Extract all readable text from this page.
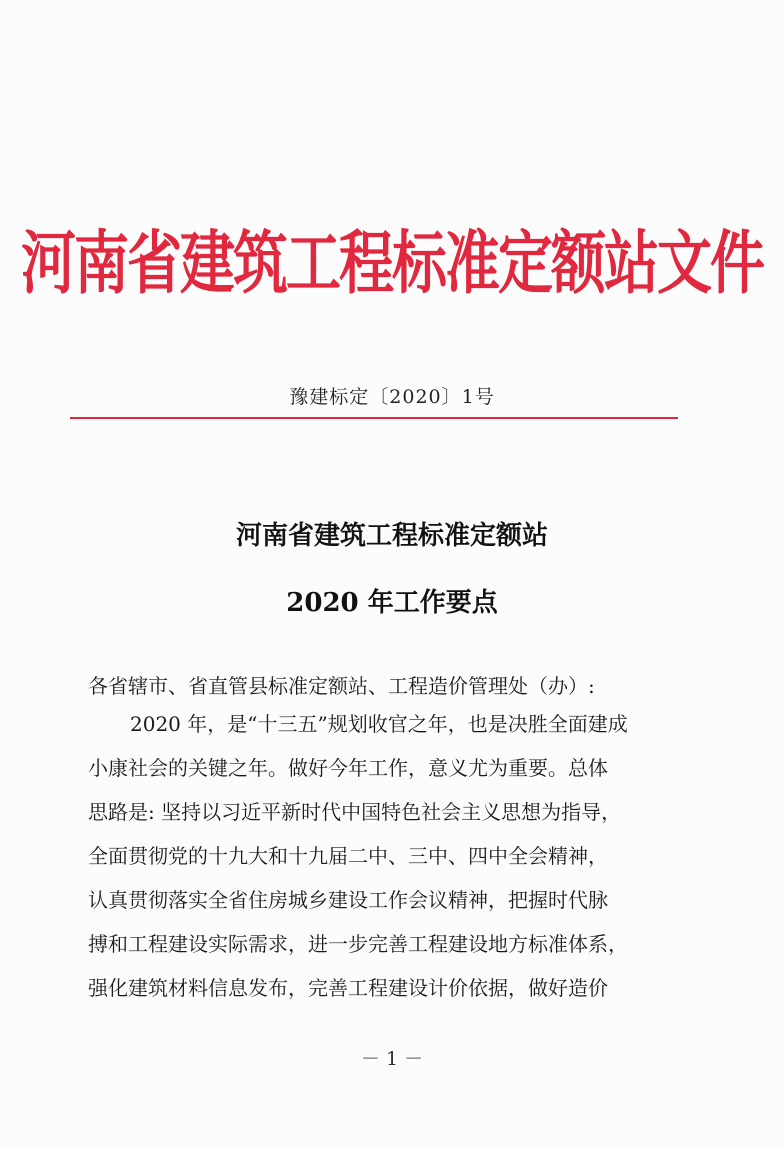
河南省建筑工程标准定额站文件
豫建标定〔2020〕1号
河南省建筑工程标准定额站
2020 年工作要点
各省辖市、省直管县标准定额站、工程造价管理处（办）:
2020 年，是“十三五”规划收官之年，也是决胜全面建成
小康社会的关键之年。做好今年工作，意义尤为重要。总体
思路是: 坚持以习近平新时代中国特色社会主义思想为指导，
全面贯彻党的十九大和十九届二中、三中、四中全会精神，
认真贯彻落实全省住房城乡建设工作会议精神，把握时代脉
搏和工程建设实际需求，进一步完善工程建设地方标准体系，
强化建筑材料信息发布，完善工程建设计价依据，做好造价
－ 1 －
